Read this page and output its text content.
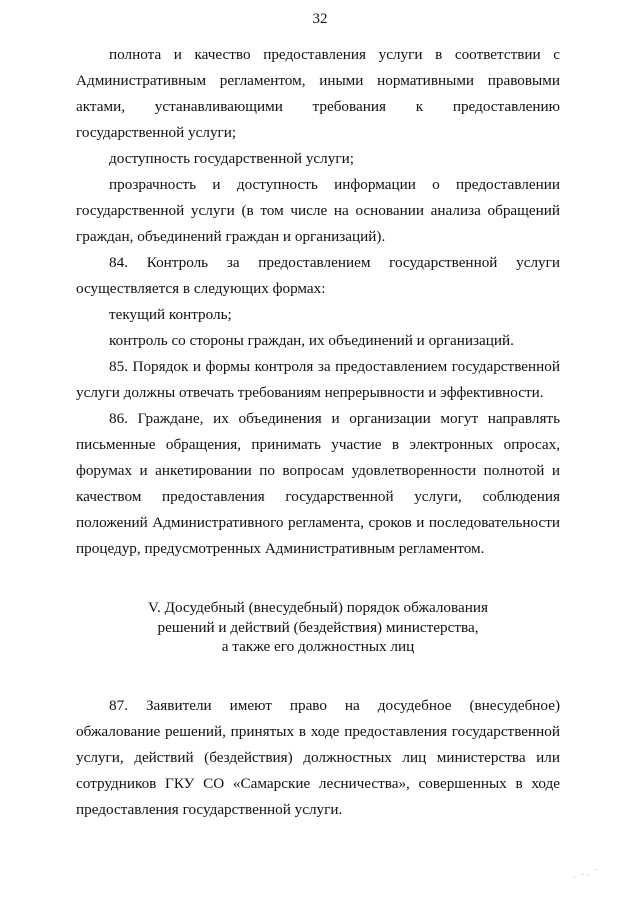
32

полнота и качество предоставления услуги в соответствии с Административным регламентом, иными нормативными правовыми актами, устанавливающими требования к предоставлению государственной услуги;

доступность государственной услуги;

прозрачность и доступность информации о предоставлении государственной услуги (в том числе на основании анализа обращений граждан, объединений граждан и организаций).

84. Контроль за предоставлением государственной услуги осуществляется в следующих формах:

текущий контроль;

контроль со стороны граждан, их объединений и организаций.

85. Порядок и формы контроля за предоставлением государственной услуги должны отвечать требованиям непрерывности и эффективности.

86. Граждане, их объединения и организации могут направлять письменные обращения, принимать участие в электронных опросах, форумах и анкетировании по вопросам удовлетворенности полнотой и качеством предоставления государственной услуги, соблюдения положений Административного регламента, сроков и последовательности процедур, предусмотренных Административным регламентом.

V. Досудебный (внесудебный) порядок обжалования
решений и действий (бездействия) министерства,
а также его должностных лиц

87. Заявители имеют право на досудебное (внесудебное) обжалование решений, принятых в ходе предоставления государственной услуги, действий (бездействия) должностных лиц министерства или сотрудников ГКУ СО «Самарские лесничества», совершенных в ходе предоставления государственной услуги.

· ·. ·
